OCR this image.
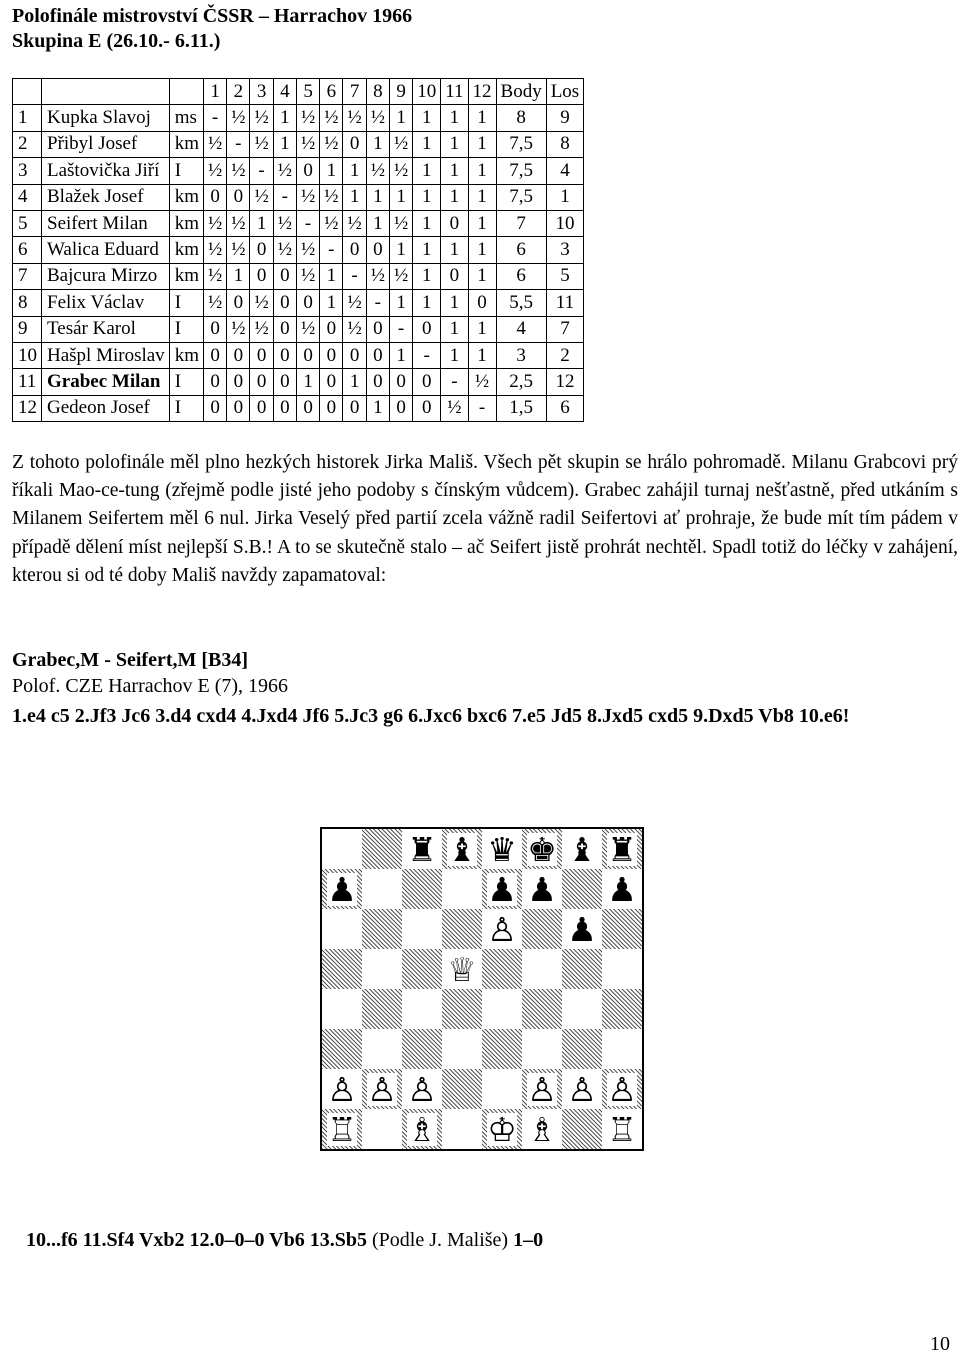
Polofinále mistrovství ČSSR – Harrachov 1966
Skupina E (26.10.- 6.11.)
			1	2	3	4	5	6	7	8	9	10	11	12	Body	Los
1	Kupka Slavoj	ms	-	½	½	1	½	½	½	½	1	1	1	1	8	9
2	Přibyl Josef	km	½	-	½	1	½	½	0	1	½	1	1	1	7,5	8
3	Laštovička Jiří	I	½	½	-	½	0	1	1	½	½	1	1	1	7,5	4
4	Blažek Josef	km	0	0	½	-	½	½	1	1	1	1	1	1	7,5	1
5	Seifert Milan	km	½	½	1	½	-	½	½	1	½	1	0	1	7	10
6	Walica Eduard	km	½	½	0	½	½	-	0	0	1	1	1	1	6	3
7	Bajcura Mirzo	km	½	1	0	0	½	1	-	½	½	1	0	1	6	5
8	Felix Václav	I	½	0	½	0	0	1	½	-	1	1	1	0	5,5	11
9	Tesár Karol	I	0	½	½	0	½	0	½	0	-	0	1	1	4	7
10	Hašpl Miroslav	km	0	0	0	0	0	0	0	0	1	-	1	1	3	2
11	Grabec Milan	I	0	0	0	0	1	0	1	0	0	0	-	½	2,5	12
12	Gedeon Josef	I	0	0	0	0	0	0	0	1	0	0	½	-	1,5	6
Z tohoto polofinále měl plno hezkých historek Jirka Mališ. Všech pět skupin se hrálo pohromadě. Milanu Grabcovi prý říkali Mao-ce-tung (zřejmě podle jisté jeho podoby s čínským vůdcem). Grabec zahájil turnaj nešťastně, před utkáním s Milanem Seifertem měl 6 nul. Jirka Veselý před partií zcela vážně radil Seifertovi ať prohraje, že bude mít tím pádem v případě dělení míst nejlepší S.B.! A to se skutečně stalo – ač Seifert jistě prohrát nechtěl. Spadl totiž do léčky v zahájení, kterou si od té doby Mališ navždy zapamatoval:
Grabec,M - Seifert,M [B34]
Polof. CZE Harrachov E (7), 1966
1.e4 c5 2.Jf3 Jc6 3.d4 cxd4 4.Jxd4 Jf6 5.Jc3 g6 6.Jxc6 bxc6 7.e5 Jd5 8.Jxd5 cxd5 9.Dxd5 Vb8 10.e6!
♜ ♝ ♛ ♚ ♝ ♜
♟	♟ ♟ ♟
♙ ♟
♕
♙ ♙ ♙	♙ ♙ ♙
♖ ♗ ♔ ♗ ♖
10...f6 11.Sf4 Vxb2 12.0–0–0 Vb6 13.Sb5 (Podle J. Mališe) 1–0
10
